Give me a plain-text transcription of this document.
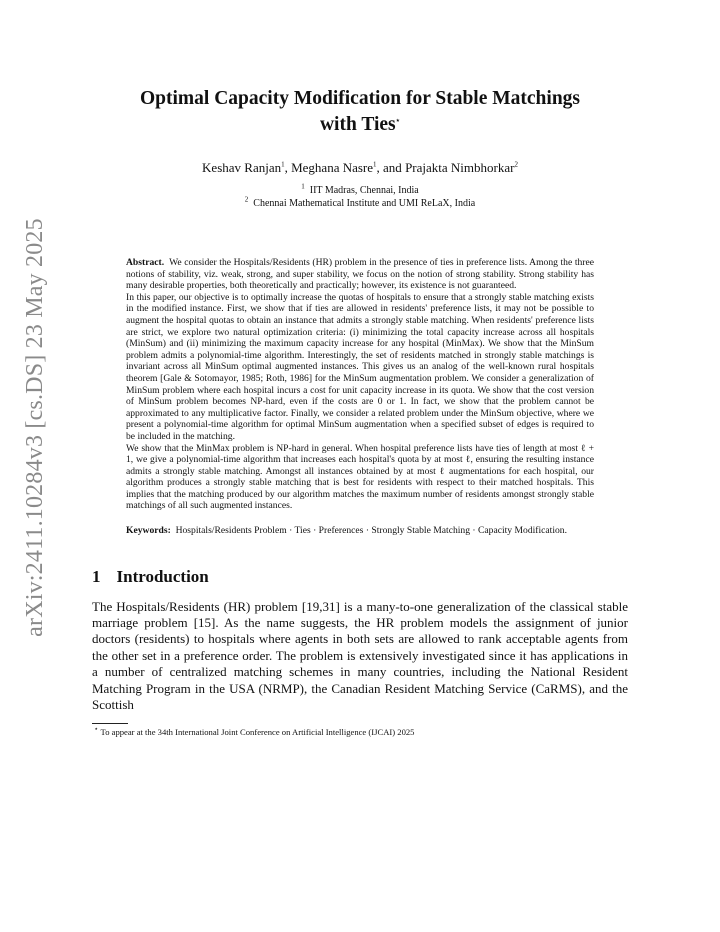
arXiv:2411.10284v3 [cs.DS] 23 May 2025
Optimal Capacity Modification for Stable Matchings
with Ties⋆
Keshav Ranjan$^1$, Meghana Nasre$^1$, and Prajakta Nimbhorkar$^2$
$^1$ IIT Madras, Chennai, India
$^2$ Chennai Mathematical Institute and UMI ReLaX, India

Abstract. We consider the Hospitals/Residents (HR) problem in the presence of ties in preference lists. Among the three notions of stability, viz. weak, strong, and super stability, we focus on the notion of strong stability. Strong stability has many desirable properties, both theoretically and practically; however, its existence is not guaranteed.

In this paper, our objective is to optimally increase the quotas of hospitals to ensure that a strongly stable matching exists in the modified instance. First, we show that if ties are allowed in residents' preference lists, it may not be possible to augment the hospital quotas to obtain an instance that admits a strongly stable matching. When residents' preference lists are strict, we explore two natural optimization criteria: (i) minimizing the total capacity increase across all hospitals (MinSum) and (ii) minimizing the maximum capacity increase for any hospital (MinMax). We show that the MinSum problem admits a polynomial-time algorithm. Interestingly, the set of residents matched in strongly stable matchings is invariant across all MinSum optimal augmented instances. This gives us an analog of the well-known rural hospitals theorem [Gale & Sotomayor, 1985; Roth, 1986] for the MinSum augmentation problem. We consider a generalization of MinSum problem where each hospital incurs a cost for unit capacity increase in its quota. We show that the cost version of MinSum problem becomes NP-hard, even if the costs are 0 or 1. In fact, we show that the problem cannot be approximated to any multiplicative factor. Finally, we consider a related problem under the MinSum objective, where we present a polynomial-time algorithm for optimal MinSum augmentation when a specified subset of edges is required to be included in the matching.

We show that the MinMax problem is NP-hard in general. When hospital preference lists have ties of length at most ℓ + 1, we give a polynomial-time algorithm that increases each hospital's quota by at most ℓ, ensuring the resulting instance admits a strongly stable matching. Amongst all instances obtained by at most ℓ augmentations for each hospital, our algorithm produces a strongly stable matching that is best for residents with respect to their matched hospitals. This implies that the matching produced by our algorithm matches the maximum number of residents amongst strongly stable matchings of all such augmented instances.

Keywords: Hospitals/Residents Problem · Ties · Preferences · Strongly Stable Matching · Capacity Modification.
1 Introduction

The Hospitals/Residents (HR) problem [19,31] is a many-to-one generalization of the classical stable marriage problem [15]. As the name suggests, the HR problem models the assignment of junior doctors (residents) to hospitals where agents in both sets are allowed to rank acceptable agents from the other set in a preference order. The problem is extensively investigated since it has applications in a number of centralized matching schemes in many countries, including the National Resident Matching Program in the USA (NRMP), the Canadian Resident Matching Service (CaRMS), and the Scottish

⋆ To appear at the 34th International Joint Conference on Artificial Intelligence (IJCAI) 2025
